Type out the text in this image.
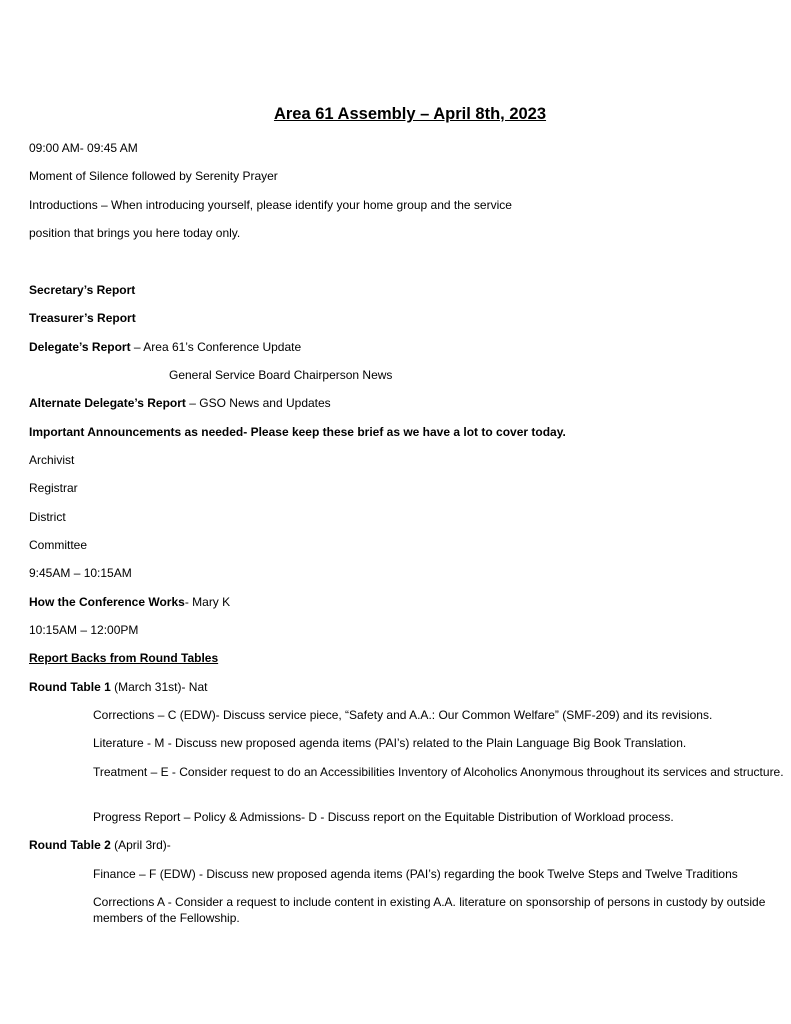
Area 61 Assembly – April 8th, 2023
09:00 AM- 09:45 AM
Moment of Silence followed by Serenity Prayer
Introductions – When introducing yourself, please identify your home group and the service
position that brings you here today only.
Secretary’s Report
Treasurer’s Report
Delegate’s Report – Area 61’s Conference Update
General Service Board Chairperson News
Alternate Delegate’s Report – GSO News and Updates
Important Announcements as needed- Please keep these brief as we have a lot to cover today.
Archivist
Registrar
District
Committee
9:45AM – 10:15AM
How the Conference Works- Mary K
10:15AM – 12:00PM
Report Backs from Round Tables
Round Table 1 (March 31st)- Nat
Corrections – C (EDW)- Discuss service piece, “Safety and A.A.: Our Common Welfare” (SMF-209) and its revisions.
Literature - M - Discuss new proposed agenda items (PAI’s) related to the Plain Language Big Book Translation.
Treatment – E - Consider request to do an Accessibilities Inventory of Alcoholics Anonymous throughout its services and structure.
Progress Report – Policy & Admissions- D - Discuss report on the Equitable Distribution of Workload process.
Round Table 2 (April 3rd)-
Finance – F (EDW) - Discuss new proposed agenda items (PAI’s) regarding the book Twelve Steps and Twelve Traditions
Corrections A - Consider a request to include content in existing A.A. literature on sponsorship of persons in custody by outside members of the Fellowship.
